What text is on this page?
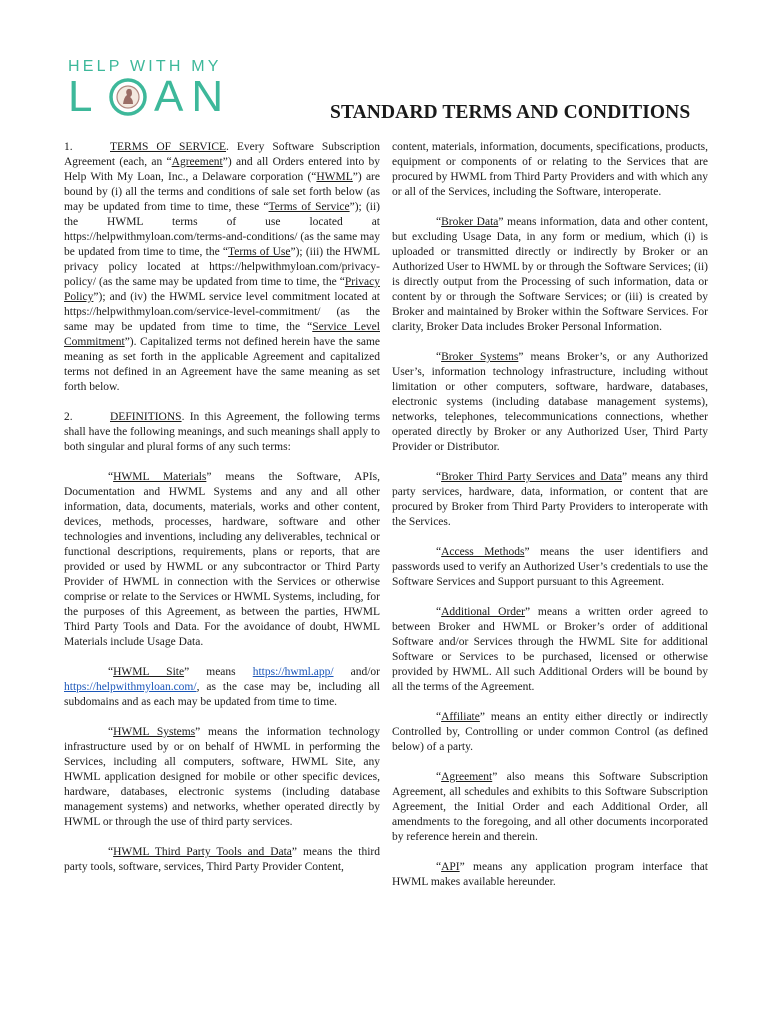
HELP WITH MY
L AN	STANDARD TERMS AND CONDITIONS

1.	TERMS OF SERVICE. Every Software Subscription Agreement (each, an “Agreement”) and all Orders entered into by Help With My Loan, Inc., a Delaware corporation (“HWML”) are bound by (i) all the terms and conditions of sale set forth below (as may be updated from time to time, these “Terms of Service”); (ii) the HWML terms of use located at https://helpwithmyloan.com/terms-and-conditions/ (as the same may be updated from time to time, the “Terms of Use”); (iii) the HWML privacy policy located at https://helpwithmyloan.com/privacy-policy/ (as the same may be updated from time to time, the “Privacy Policy”); and (iv) the HWML service level commitment located at https://helpwithmyloan.com/service-level-commitment/ (as the same may be updated from time to time, the “Service Level Commitment”). Capitalized terms not defined herein have the same meaning as set forth in the applicable Agreement and capitalized terms not defined in an Agreement have the same meaning as set forth below.

2.	DEFINITIONS. In this Agreement, the following terms shall have the following meanings, and such meanings shall apply to both singular and plural forms of any such terms:

“HWML Materials” means the Software, APIs, Documentation and HWML Systems and any and all other information, data, documents, materials, works and other content, devices, methods, processes, hardware, software and other technologies and inventions, including any deliverables, technical or functional descriptions, requirements, plans or reports, that are provided or used by HWML or any subcontractor or Third Party Provider of HWML in connection with the Services or otherwise comprise or relate to the Services or HWML Systems, including, for the purposes of this Agreement, as between the parties, HWML Third Party Tools and Data. For the avoidance of doubt, HWML Materials include Usage Data.

“HWML Site” means https://hwml.app/ and/or https://helpwithmyloan.com/, as the case may be, including all subdomains and as each may be updated from time to time.

“HWML Systems” means the information technology infrastructure used by or on behalf of HWML in performing the Services, including all computers, software, HWML Site, any HWML application designed for mobile or other specific devices, hardware, databases, electronic systems (including database management systems) and networks, whether operated directly by HWML or through the use of third party services.

“HWML Third Party Tools and Data” means the third party tools, software, services, Third Party Provider Content,

content, materials, information, documents, specifications, products, equipment or components of or relating to the Services that are procured by HWML from Third Party Providers and with which any or all of the Services, including the Software, interoperate.

“Broker Data” means information, data and other content, but excluding Usage Data, in any form or medium, which (i) is uploaded or transmitted directly or indirectly by Broker or an Authorized User to HWML by or through the Software Services; (ii) is directly output from the Processing of such information, data or content by or through the Software Services; or (iii) is created by Broker and maintained by Broker within the Software Services. For clarity, Broker Data includes Broker Personal Information.

“Broker Systems” means Broker’s, or any Authorized User’s, information technology infrastructure, including without limitation or other computers, software, hardware, databases, electronic systems (including database management systems), networks, telephones, telecommunications connections, whether operated directly by Broker or any Authorized User, Third Party Provider or Distributor.

“Broker Third Party Services and Data” means any third party services, hardware, data, information, or content that are procured by Broker from Third Party Providers to interoperate with the Services.

“Access Methods” means the user identifiers and passwords used to verify an Authorized User’s credentials to use the Software Services and Support pursuant to this Agreement.

“Additional Order” means a written order agreed to between Broker and HWML or Broker’s order of additional Software and/or Services through the HWML Site for additional Software or Services to be purchased, licensed or otherwise provided by HWML. All such Additional Orders will be bound by all the terms of the Agreement.

“Affiliate” means an entity either directly or indirectly Controlled by, Controlling or under common Control (as defined below) of a party.

“Agreement” also means this Software Subscription Agreement, all schedules and exhibits to this Software Subscription Agreement, the Initial Order and each Additional Order, all amendments to the foregoing, and all other documents incorporated by reference herein and therein.

“API” means any application program interface that HWML makes available hereunder.
